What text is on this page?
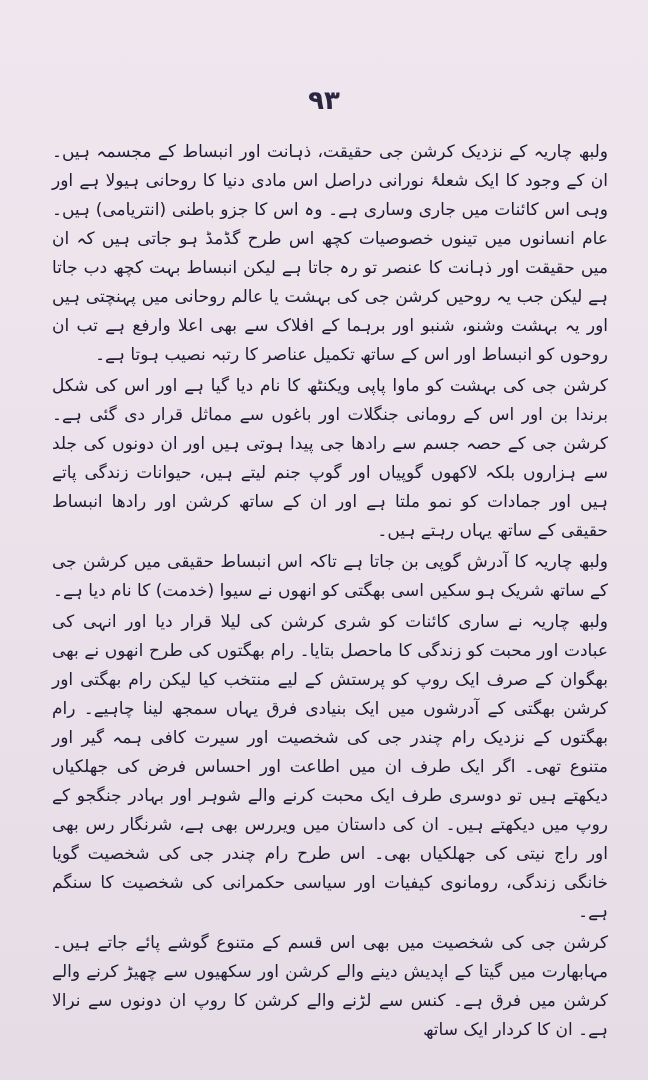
۹۳

ولبھ چاریہ کے نزدیک کرشن جی حقیقت، ذہانت اور انبساط کے مجسمہ ہیں۔ ان کے وجود کا ایک شعلۂ نورانی دراصل اس مادی دنیا کا روحانی ہیولا ہے اور وہی اس کائنات میں جاری وساری ہے۔ وہ اس کا جزو باطنی (انتریامی) ہیں۔ عام انسانوں میں تینوں خصوصیات کچھ اس طرح گڈمڈ ہو جاتی ہیں کہ ان میں حقیقت اور ذہانت کا عنصر تو رہ جاتا ہے لیکن انبساط بہت کچھ دب جاتا ہے لیکن جب یہ روحیں کرشن جی کی بہشت یا عالم روحانی میں پہنچتی ہیں اور یہ بہشت وشنو، شنبو اور برہما کے افلاک سے بھی اعلا وارفع ہے تب ان روحوں کو انبساط اور اس کے ساتھ تکمیل عناصر کا رتبہ نصیب ہوتا ہے۔

کرشن جی کی بہشت کو ماوا پاپی ویکنٹھ کا نام دیا گیا ہے اور اس کی شکل برندا بن اور اس کے رومانی جنگلات اور باغوں سے مماثل قرار دی گئی ہے۔ کرشن جی کے حصہ جسم سے رادھا جی پیدا ہوتی ہیں اور ان دونوں کی جلد سے ہزاروں بلکہ لاکھوں گوپیاں اور گوپ جنم لیتے ہیں، حیوانات زندگی پاتے ہیں اور جمادات کو نمو ملتا ہے اور ان کے ساتھ کرشن اور رادھا انبساط حقیقی کے ساتھ یہاں رہتے ہیں۔

ولبھ چاریہ کا آدرش گوپی بن جاتا ہے تاکہ اس انبساط حقیقی میں کرشن جی کے ساتھ شریک ہو سکیں اسی بھگتی کو انھوں نے سیوا (خدمت) کا نام دیا ہے۔

ولبھ چاریہ نے ساری کائنات کو شری کرشن کی لیلا قرار دیا اور انہی کی عبادت اور محبت کو زندگی کا ماحصل بتایا۔ رام بھگتوں کی طرح انھوں نے بھی بھگوان کے صرف ایک روپ کو پرستش کے لیے منتخب کیا لیکن رام بھگتی اور کرشن بھگتی کے آدرشوں میں ایک بنیادی فرق یہاں سمجھ لینا چاہیے۔ رام بھگتوں کے نزدیک رام چندر جی کی شخصیت اور سیرت کافی ہمہ گیر اور متنوع تھی۔ اگر ایک طرف ان میں اطاعت اور احساس فرض کی جھلکیاں دیکھتے ہیں تو دوسری طرف ایک محبت کرنے والے شوہر اور بہادر جنگجو کے روپ میں دیکھتے ہیں۔ ان کی داستان میں ویررس بھی ہے، شرنگار رس بھی اور راج نیتی کی جھلکیاں بھی۔ اس طرح رام چندر جی کی شخصیت گویا خانگی زندگی، رومانوی کیفیات اور سیاسی حکمرانی کی شخصیت کا سنگم ہے۔

کرشن جی کی شخصیت میں بھی اس قسم کے متنوع گوشے پائے جاتے ہیں۔ مہابھارت میں گیتا کے اپدیش دینے والے کرشن اور سکھیوں سے چھیڑ کرنے والے کرشن میں فرق ہے۔ کنس سے لڑنے والے کرشن کا روپ ان دونوں سے نرالا ہے۔ ان کا کردار ایک ساتھ
